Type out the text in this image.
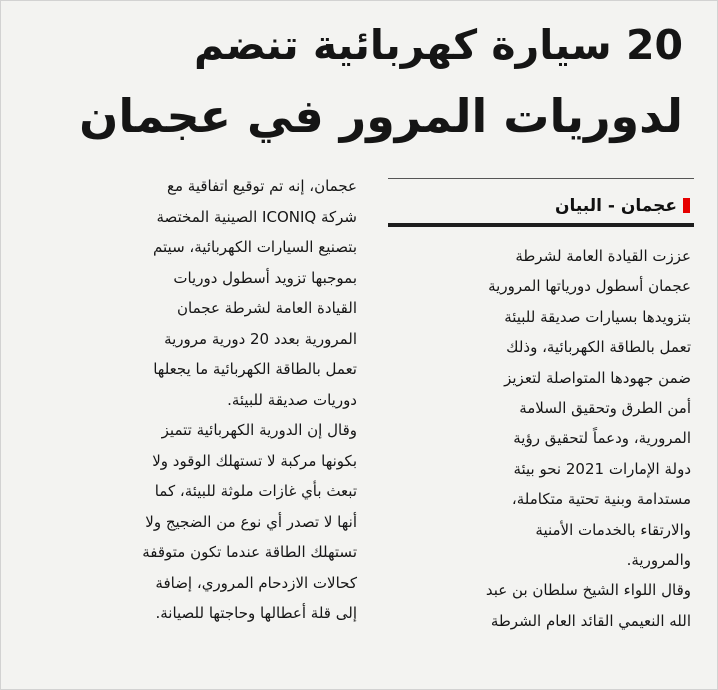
20 سيارة كهربائية تنضم
لدوريات المرور في عجمان
عجمان - البيان
عجمان، إنه تم توقيع اتفاقية مع
شركة ICONIQ الصينية المختصة
بتصنيع السيارات الكهربائية، سيتم
بموجبها تزويد أسطول دوريات
القيادة العامة لشرطة عجمان
المرورية بعدد 20 دورية مرورية
تعمل بالطاقة الكهربائية ما يجعلها
دوريات صديقة للبيئة.
وقال إن الدورية الكهربائية تتميز
بكونها مركبة لا تستهلك الوقود ولا
تبعث بأي غازات ملوثة للبيئة، كما
أنها لا تصدر أي نوع من الضجيج ولا
تستهلك الطاقة عندما تكون متوقفة
كحالات الازدحام المروري، إضافة
إلى قلة أعطالها وحاجتها للصيانة.
عززت القيادة العامة لشرطة
عجمان أسطول دورياتها المرورية
بتزويدها بسيارات صديقة للبيئة
تعمل بالطاقة الكهربائية، وذلك
ضمن جهودها المتواصلة لتعزيز
أمن الطرق وتحقيق السلامة
المرورية، ودعماً لتحقيق رؤية
دولة الإمارات 2021 نحو بيئة
مستدامة وبنية تحتية متكاملة،
والارتقاء بالخدمات الأمنية
والمرورية.
وقال اللواء الشيخ سلطان بن عبد
الله النعيمي القائد العام الشرطة
